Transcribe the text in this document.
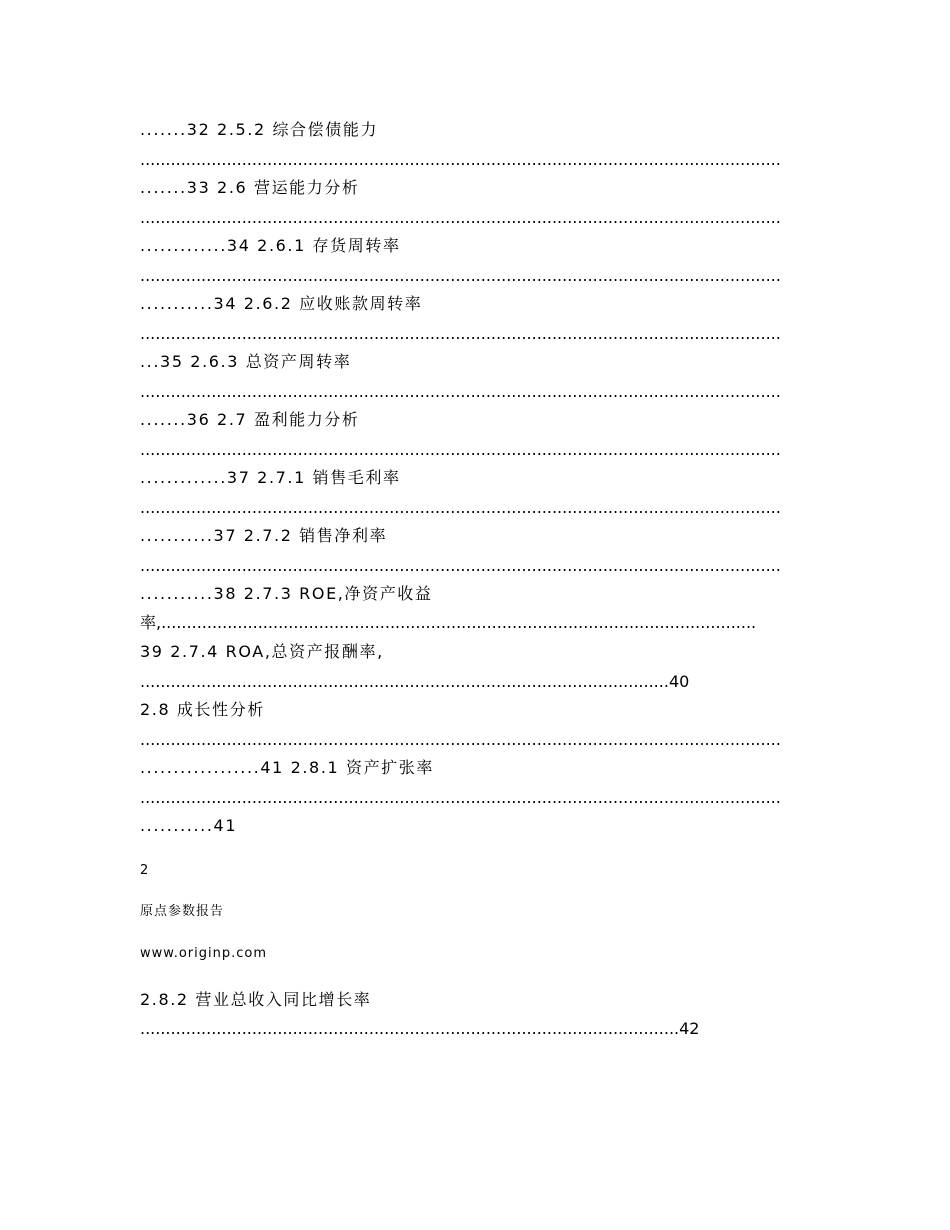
.......32 2.5.2 综合偿债能力
..............................................................................................................................
.......33 2.6 营运能力分析
..............................................................................................................................
.............34 2.6.1 存货周转率
..............................................................................................................................
...........34 2.6.2 应收账款周转率
..............................................................................................................................
...35 2.6.3 总资产周转率
..............................................................................................................................
.......36 2.7 盈利能力分析
..............................................................................................................................
.............37 2.7.1 销售毛利率
..............................................................................................................................
...........37 2.7.2 销售净利率
..............................................................................................................................
...........38 2.7.3 ROE,净资产收益
率,.....................................................................................................................
39 2.7.4 ROA,总资产报酬率,
........................................................................................................40
2.8 成长性分析
..............................................................................................................................
..................41 2.8.1 资产扩张率
..............................................................................................................................
...........41
2
原点参数报告
www.originp.com
2.8.2 营业总收入同比增长率
..........................................................................................................42
